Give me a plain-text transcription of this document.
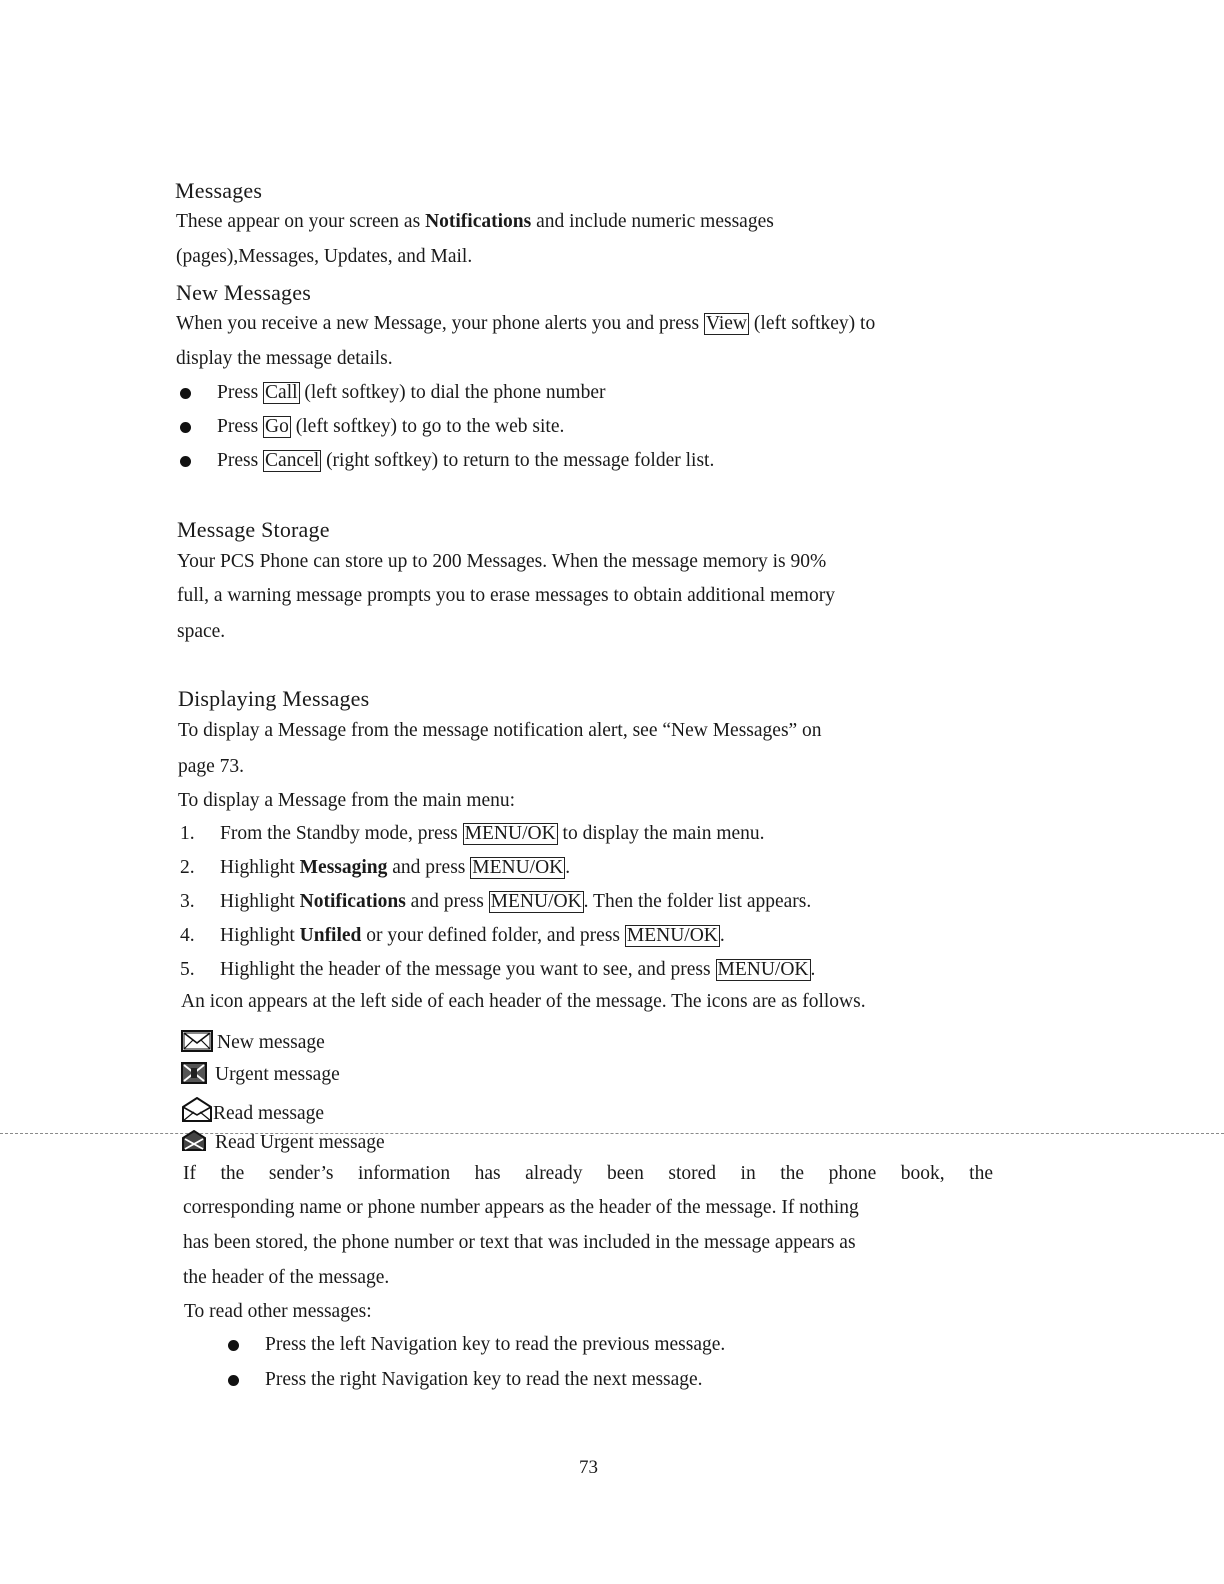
Messages
These appear on your screen as Notifications and include numeric messages
(pages),Messages, Updates, and Mail.
New Messages
When you receive a new Message, your phone alerts you and press View (left softkey) to
display the message details.
Press Call (left softkey) to dial the phone number
Press Go (left softkey) to go to the web site.
Press Cancel (right softkey) to return to the message folder list.
Message Storage
Your PCS Phone can store up to 200 Messages. When the message memory is 90%
full, a warning message prompts you to erase messages to obtain additional memory
space.
Displaying Messages
To display a Message from the message notification alert, see “New Messages” on
page 73.
To display a Message from the main menu:
1. From the Standby mode, press MENU/OK to display the main menu.
2. Highlight Messaging and press MENU/OK .
3. Highlight Notifications and press MENU/OK . Then the folder list appears.
4. Highlight Unfiled or your defined folder, and press MENU/OK .
5. Highlight the header of the message you want to see, and press MENU/OK .
An icon appears at the left side of each header of the message. The icons are as follows.
New message
Urgent message
Read message
Read Urgent message
If the sender’s information has already been stored in the phone book, the
corresponding name or phone number appears as the header of the message. If nothing
has been stored, the phone number or text that was included in the message appears as
the header of the message.
To read other messages:
Press the left Navigation key to read the previous message.
Press the right Navigation key to read the next message.
73
